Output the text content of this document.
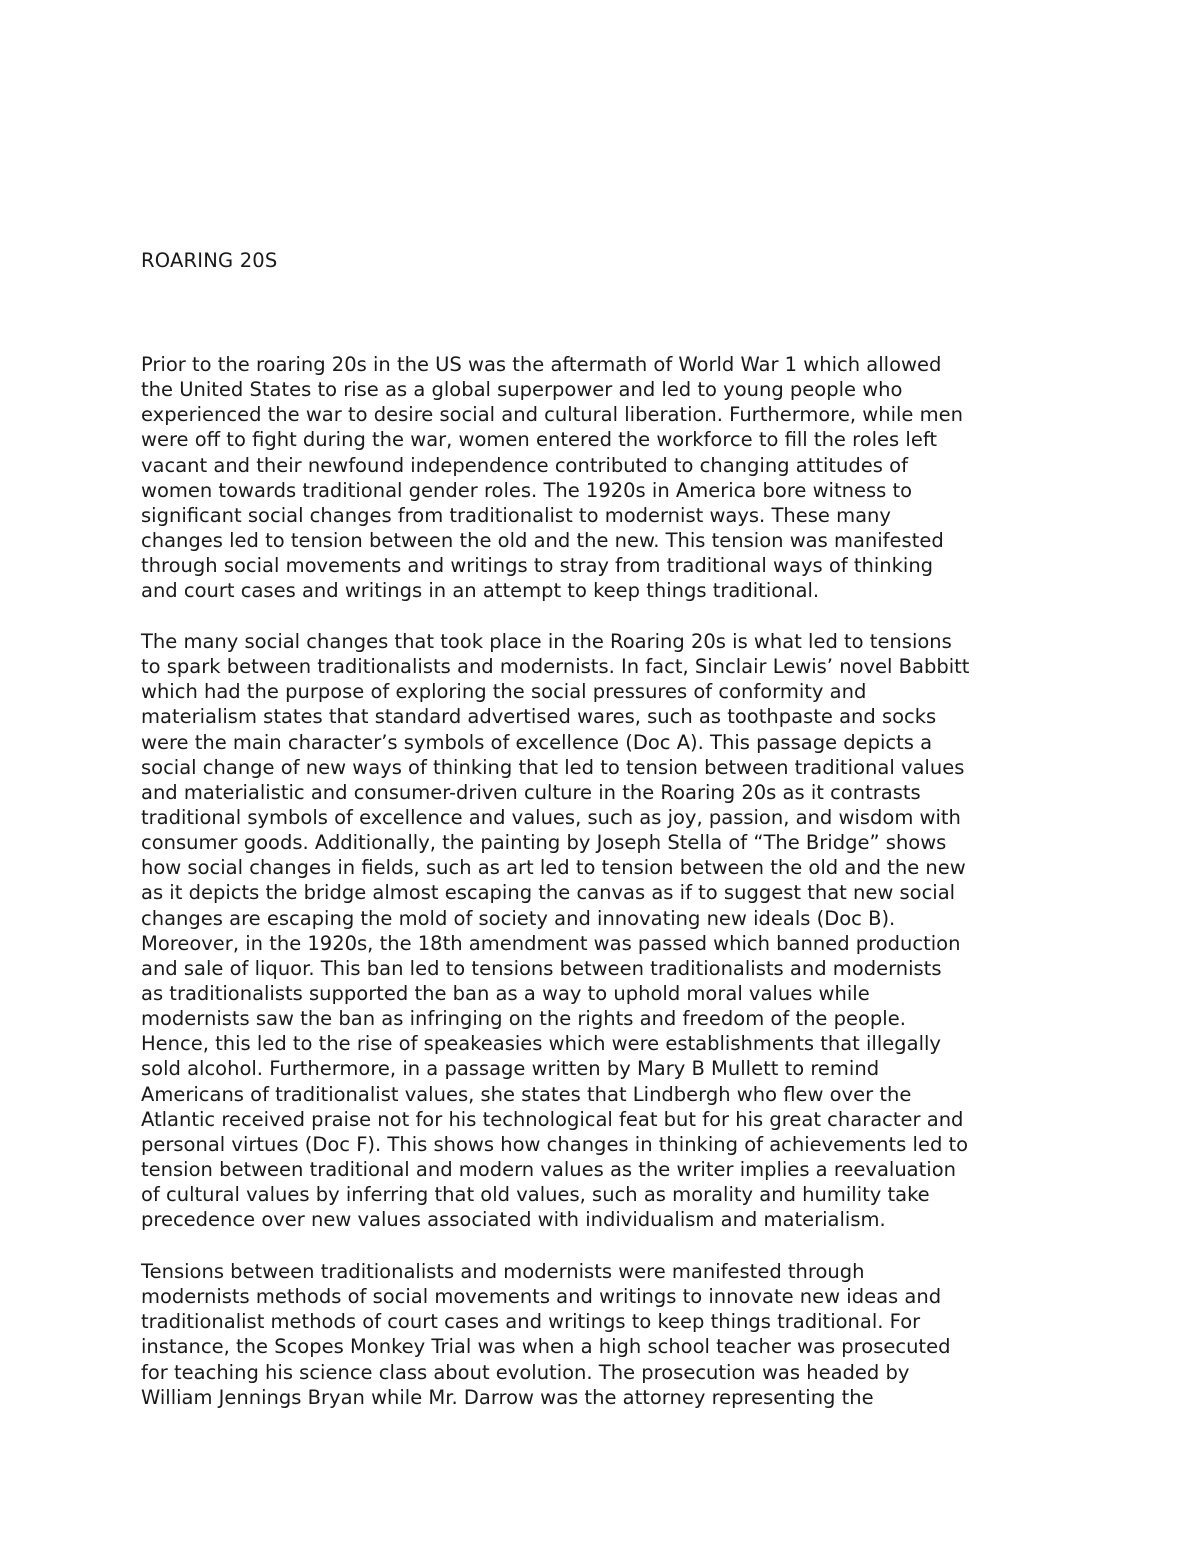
ROARING 20S
Prior to the roaring 20s in the US was the aftermath of World War 1 which allowed
the United States to rise as a global superpower and led to young people who
experienced the war to desire social and cultural liberation. Furthermore, while men
were off to fight during the war, women entered the workforce to fill the roles left
vacant and their newfound independence contributed to changing attitudes of
women towards traditional gender roles. The 1920s in America bore witness to
significant social changes from traditionalist to modernist ways. These many
changes led to tension between the old and the new. This tension was manifested
through social movements and writings to stray from traditional ways of thinking
and court cases and writings in an attempt to keep things traditional.
The many social changes that took place in the Roaring 20s is what led to tensions
to spark between traditionalists and modernists. In fact, Sinclair Lewis’ novel Babbitt
which had the purpose of exploring the social pressures of conformity and
materialism states that standard advertised wares, such as toothpaste and socks
were the main character’s symbols of excellence (Doc A). This passage depicts a
social change of new ways of thinking that led to tension between traditional values
and materialistic and consumer-driven culture in the Roaring 20s as it contrasts
traditional symbols of excellence and values, such as joy, passion, and wisdom with
consumer goods. Additionally, the painting by Joseph Stella of “The Bridge” shows
how social changes in fields, such as art led to tension between the old and the new
as it depicts the bridge almost escaping the canvas as if to suggest that new social
changes are escaping the mold of society and innovating new ideals (Doc B).
Moreover, in the 1920s, the 18th amendment was passed which banned production
and sale of liquor. This ban led to tensions between traditionalists and modernists
as traditionalists supported the ban as a way to uphold moral values while
modernists saw the ban as infringing on the rights and freedom of the people.
Hence, this led to the rise of speakeasies which were establishments that illegally
sold alcohol. Furthermore, in a passage written by Mary B Mullett to remind
Americans of traditionalist values, she states that Lindbergh who flew over the
Atlantic received praise not for his technological feat but for his great character and
personal virtues (Doc F). This shows how changes in thinking of achievements led to
tension between traditional and modern values as the writer implies a reevaluation
of cultural values by inferring that old values, such as morality and humility take
precedence over new values associated with individualism and materialism.
Tensions between traditionalists and modernists were manifested through
modernists methods of social movements and writings to innovate new ideas and
traditionalist methods of court cases and writings to keep things traditional. For
instance, the Scopes Monkey Trial was when a high school teacher was prosecuted
for teaching his science class about evolution. The prosecution was headed by
William Jennings Bryan while Mr. Darrow was the attorney representing the
